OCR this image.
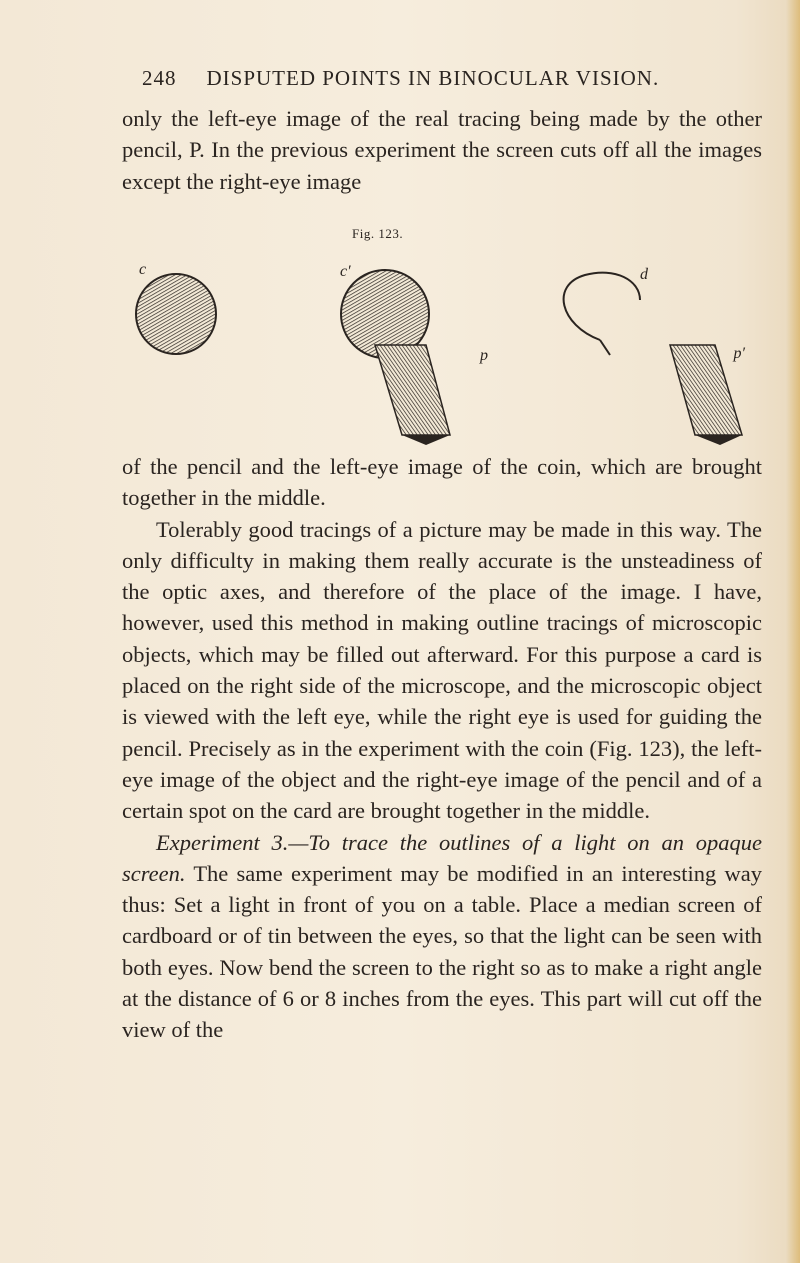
248 DISPUTED POINTS IN BINOCULAR VISION.

only the left-eye image of the real tracing being made by the other pencil, P. In the previous experiment the screen cuts off all the images except the right-eye image

Fig. 123.
c	c′
p
d
p′

of the pencil and the left-eye image of the coin, which are brought together in the middle.

Tolerably good tracings of a picture may be made in this way. The only difficulty in making them really accurate is the unsteadiness of the optic axes, and therefore of the place of the image. I have, however, used this method in making outline tracings of microscopic objects, which may be filled out afterward. For this purpose a card is placed on the right side of the microscope, and the microscopic object is viewed with the left eye, while the right eye is used for guiding the pencil. Precisely as in the experiment with the coin (Fig. 123), the left-eye image of the object and the right-eye image of the pencil and of a certain spot on the card are brought together in the middle.

Experiment 3.—To trace the outlines of a light on an opaque screen. The same experiment may be modified in an interesting way thus: Set a light in front of you on a table. Place a median screen of cardboard or of tin between the eyes, so that the light can be seen with both eyes. Now bend the screen to the right so as to make a right angle at the distance of 6 or 8 inches from the eyes. This part will cut off the view of the
